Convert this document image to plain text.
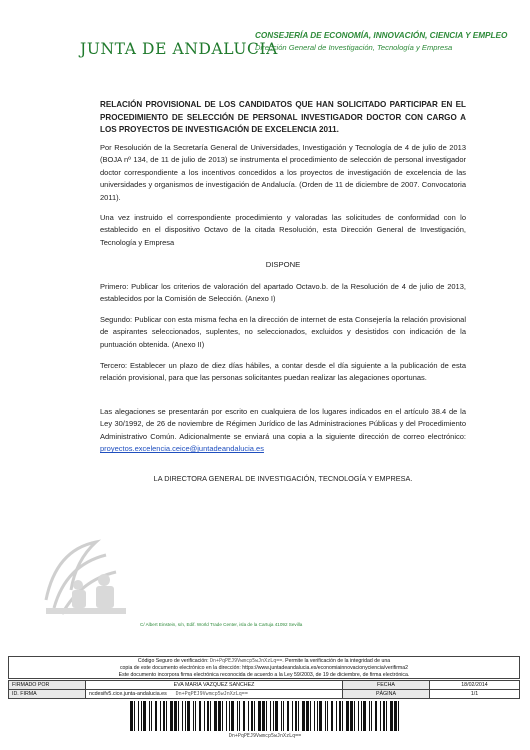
JUNTA DE ANDALUCIA
CONSEJERÍA DE ECONOMÍA, INNOVACIÓN, CIENCIA Y EMPLEO
Dirección General de Investigación, Tecnología y Empresa
RELACIÓN PROVISIONAL DE LOS CANDIDATOS QUE HAN SOLICITADO PARTICIPAR EN EL PROCEDIMIENTO DE SELECCIÓN DE PERSONAL INVESTIGADOR DOCTOR CON CARGO A LOS PROYECTOS DE INVESTIGACIÓN DE EXCELENCIA 2011.
Por Resolución de la Secretaría General de Universidades, Investigación y Tecnología de 4 de julio de 2013 (BOJA nº 134, de 11 de julio de 2013) se instrumenta el procedimiento de selección de personal investigador doctor correspondiente a los incentivos concedidos a los proyectos de investigación de excelencia de las universidades y organismos de investigación de Andalucía. (Orden de 11 de diciembre de 2007. Convocatoria 2011).
Una vez instruido el correspondiente procedimiento y valoradas las solicitudes de conformidad con lo establecido en el dispositivo Octavo de la citada Resolución, esta Dirección General de Investigación, Tecnología y Empresa
DISPONE
Primero: Publicar los criterios de valoración del apartado Octavo.b. de la Resolución de 4 de julio de 2013, establecidos por la Comisión de Selección. (Anexo I)
Segundo: Publicar con esta misma fecha en la dirección de internet de esta Consejería la relación provisional de aspirantes seleccionados, suplentes, no seleccionados, excluidos y desistidos con indicación de la puntuación obtenida. (Anexo II)
Tercero: Establecer un plazo de diez días hábiles, a contar desde el día siguiente a la publicación de esta relación provisional, para que las personas solicitantes puedan realizar las alegaciones oportunas.
Las alegaciones se presentarán por escrito en cualquiera de los lugares indicados en el artículo 38.4 de la Ley 30/1992, de 26 de noviembre de Régimen Jurídico de las Administraciones Públicas y del Procedimiento Administrativo Común. Adicionalmente se enviará una copia a la siguiente dirección de correo electrónico: proyectos.excelencia.ceice@juntadeandalucia.es
LA DIRECTORA GENERAL DE INVESTIGACIÓN, TECNOLOGÍA Y EMPRESA.
C/ Albert Einstein, s/n, Edif. World Trade Center, isla de la Cartuja 41092 Sevilla
Código Seguro de verificación: Dn+PqPEJ9Vwmcp5wJnXzLq==. Permite la verificación de la integridad de una
copia de este documento electrónico en la dirección: https://www.juntadeandalucia.es/economiainnovacionyciencia/verifirma2
Este documento incorpora firma electrónica reconocida de acuerdo a la Ley 59/2003, de 19 de diciembre, de firma electrónica.
FIRMADO POR	EVA MARIA VAZQUEZ SANCHEZ	FECHA	18/02/2014
ID. FIRMA	ncdesifv5.cice.junta-andalucia.es Dn+PqPEJ9Vwmcp5wJnXzLq==	PÁGINA	1/1
Dn+PqPEJ9Vwmcp5wJnXzLq==
